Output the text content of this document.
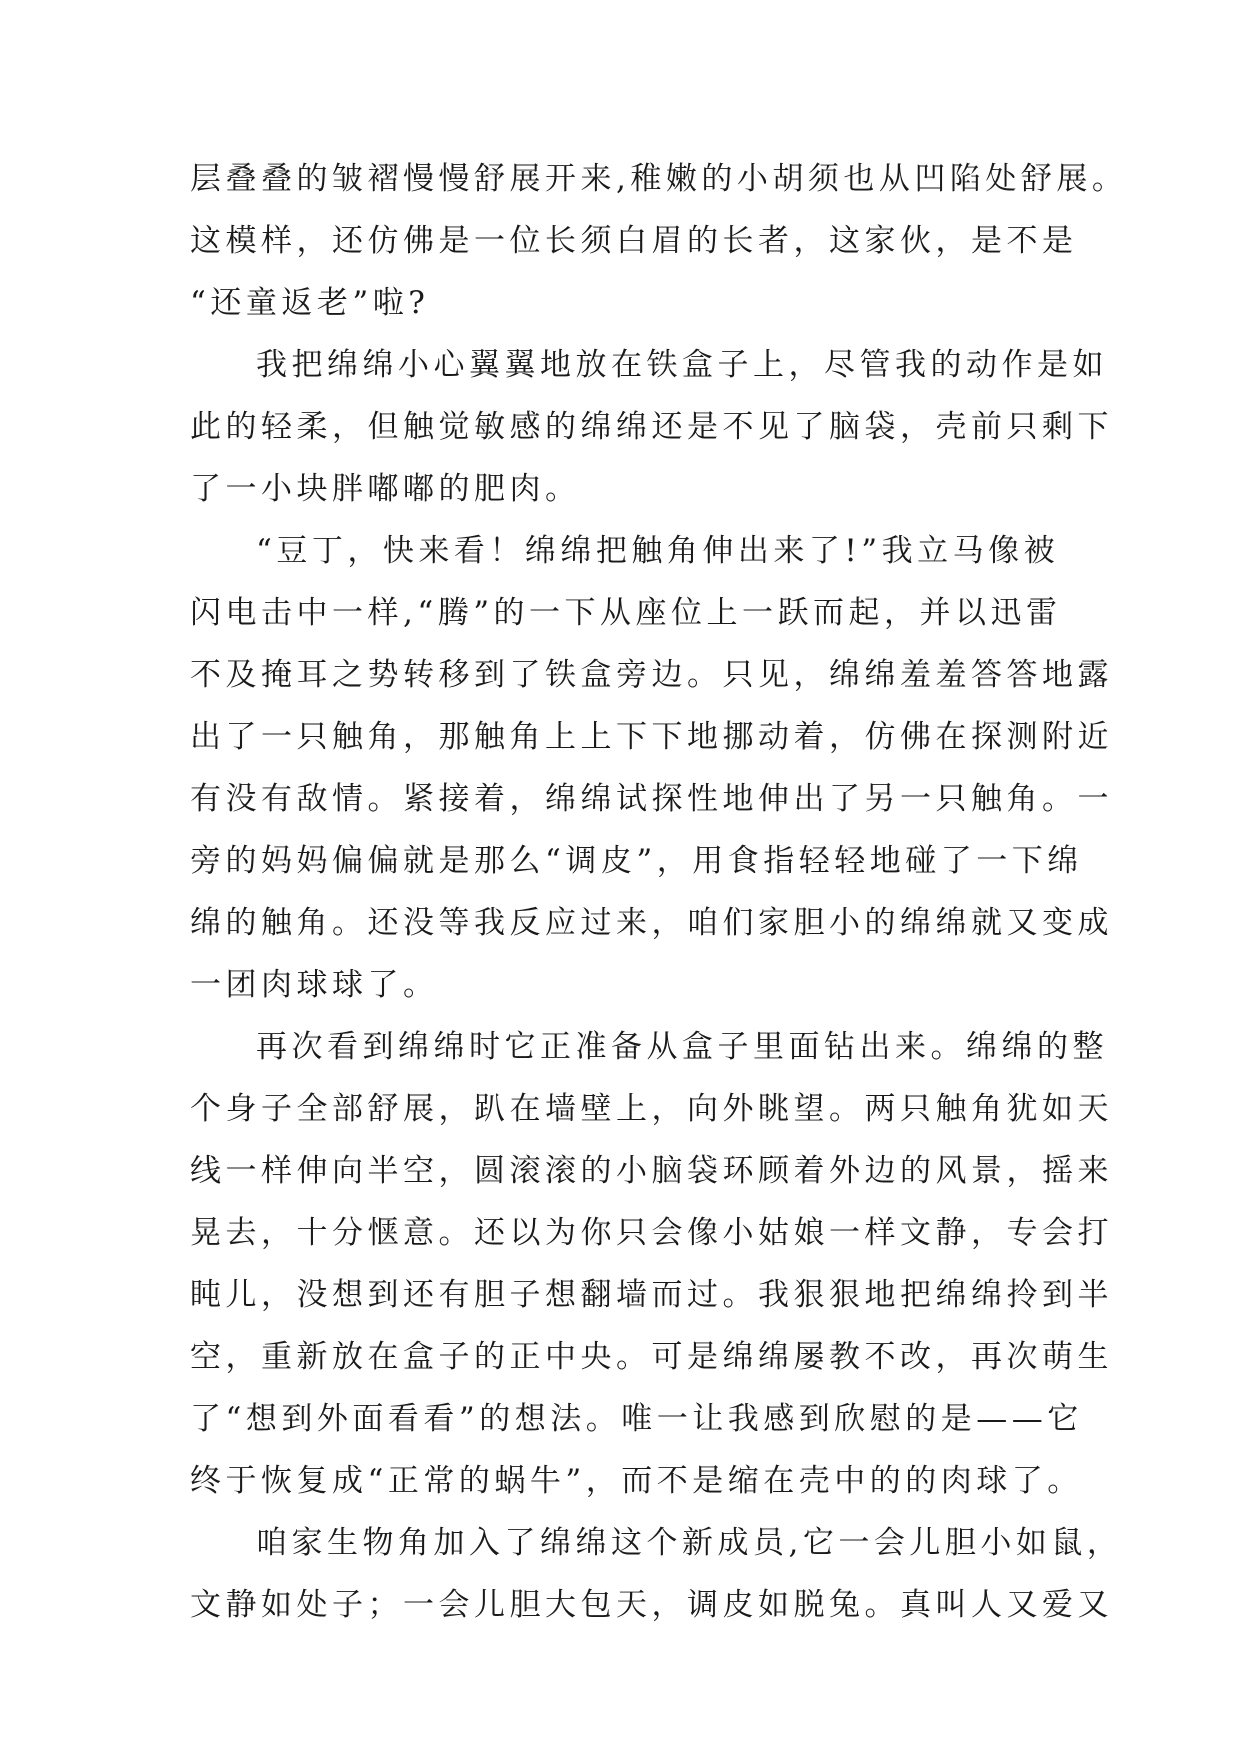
层叠叠的皱褶慢慢舒展开来,稚嫩的小胡须也从凹陷处舒展。
这模样，还仿佛是一位长须白眉的长者，这家伙，是不是
“还童返老”啦?
我把绵绵小心翼翼地放在铁盒子上，尽管我的动作是如
此的轻柔，但触觉敏感的绵绵还是不见了脑袋，壳前只剩下
了一小块胖嘟嘟的肥肉。
“豆丁，快来看！绵绵把触角伸出来了!”我立马像被
闪电击中一样,“腾”的一下从座位上一跃而起，并以迅雷
不及掩耳之势转移到了铁盒旁边。只见，绵绵羞羞答答地露
出了一只触角，那触角上上下下地挪动着，仿佛在探测附近
有没有敌情。紧接着，绵绵试探性地伸出了另一只触角。一
旁的妈妈偏偏就是那么“调皮”，用食指轻轻地碰了一下绵
绵的触角。还没等我反应过来，咱们家胆小的绵绵就又变成
一团肉球球了。
再次看到绵绵时它正准备从盒子里面钻出来。绵绵的整
个身子全部舒展，趴在墙壁上，向外眺望。两只触角犹如天
线一样伸向半空，圆滚滚的小脑袋环顾着外边的风景，摇来
晃去，十分惬意。还以为你只会像小姑娘一样文静，专会打
盹儿，没想到还有胆子想翻墙而过。我狠狠地把绵绵拎到半
空，重新放在盒子的正中央。可是绵绵屡教不改，再次萌生
了“想到外面看看”的想法。唯一让我感到欣慰的是——它
终于恢复成“正常的蜗牛”，而不是缩在壳中的的肉球了。
咱家生物角加入了绵绵这个新成员,它一会儿胆小如鼠，
文静如处子；一会儿胆大包天，调皮如脱兔。真叫人又爱又
